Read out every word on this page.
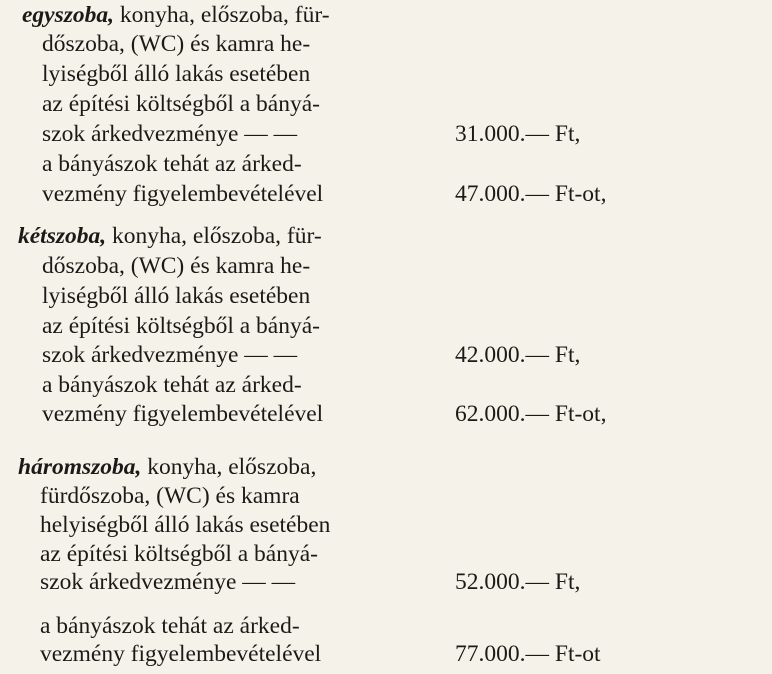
egyszoba, konyha, előszoba, für-
dőszoba, (WC) és kamra he-
lyiségből álló lakás esetében
az építési költségből a bányá-
szok árkedvezménye — —	31.000.— Ft,
a bányászok tehát az árked-
vezmény figyelembevételével	47.000.— Ft-ot,
kétszoba, konyha, előszoba, für-
dőszoba, (WC) és kamra he-
lyiségből álló lakás esetében
az építési költségből a bányá-
szok árkedvezménye — —	42.000.— Ft,
a bányászok tehát az árked-
vezmény figyelembevételével	62.000.— Ft-ot,
háromszoba, konyha, előszoba,
fürdőszoba, (WC) és kamra
helyiségből álló lakás esetében
az építési költségből a bányá-
szok árkedvezménye — —	52.000.— Ft,
a bányászok tehát az árked-
vezmény figyelembevételével	77.000.— Ft-ot
